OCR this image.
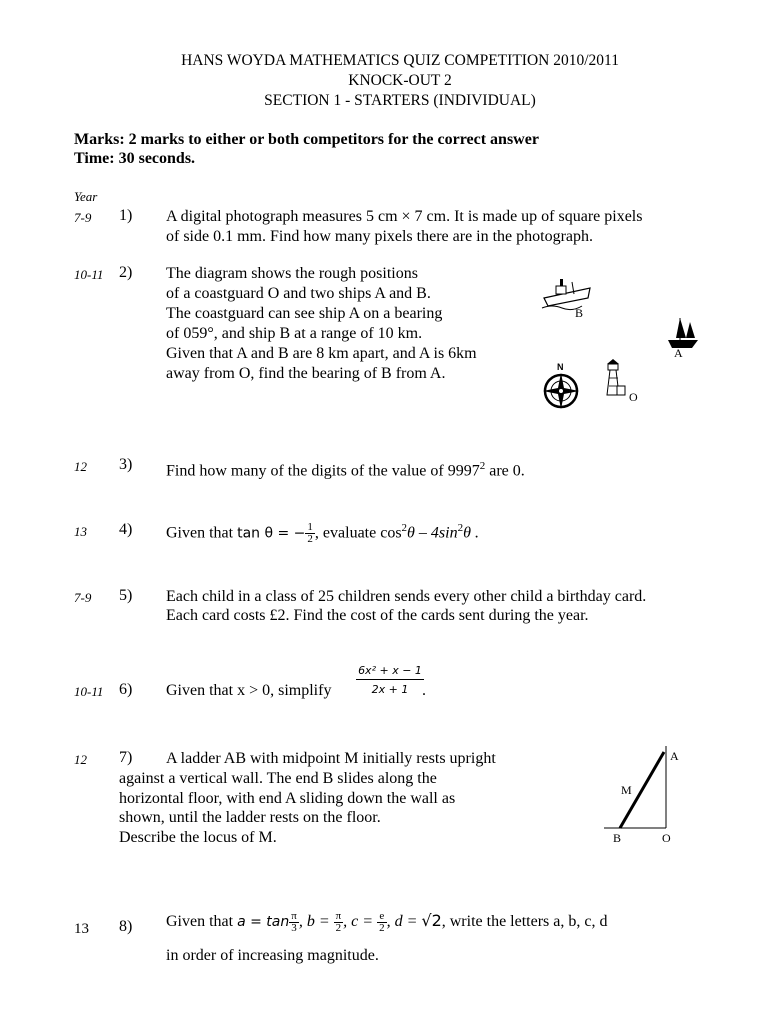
HANS WOYDA MATHEMATICS QUIZ COMPETITION 2010/2011
KNOCK-OUT 2
SECTION 1 - STARTERS (INDIVIDUAL)
Marks: 2 marks to either or both competitors for the correct answer
Time: 30 seconds.
Year
7-9 1) A digital photograph measures 5 cm × 7 cm. It is made up of square pixels
of side 0.1 mm. Find how many pixels there are in the photograph.
10-11 2) The diagram shows the rough positions
of a coastguard O and two ships A and B.
The coastguard can see ship A on a bearing
of 059°, and ship B at a range of 10 km.
Given that A and B are 8 km apart, and A is 6km
away from O, find the bearing of B from A.
B
A
N
O
12 3) Find how many of the digits of the value of 9997$^2$ are 0.
13 4) Given that tan θ = − $\frac{1}{2}$ , evaluate $\cos^2\theta - 4\sin^2\theta$ .
7-9 5) Each child in a class of 25 children sends every other child a birthday card.
Each card costs £2. Find the cost of the cards sent during the year.
10-11 6) Given that x > 0, simplify $\frac{\text{6x² + x − 1}}{2x + 1}$
.
12 7) A ladder AB with midpoint M initially rests upright
against a vertical wall. The end B slides along the
horizontal floor, with end A sliding down the wall as
shown, until the ladder rests on the floor.
Describe the locus of M.
A
M
B	O
13 8) Given that $a = \tan \frac{\pi}{3}$ , $b = \frac{\pi}{2}$ , $c = \frac{e}{2}$ , d = √2, write the letters a, b, c, d
in order of increasing magnitude.
